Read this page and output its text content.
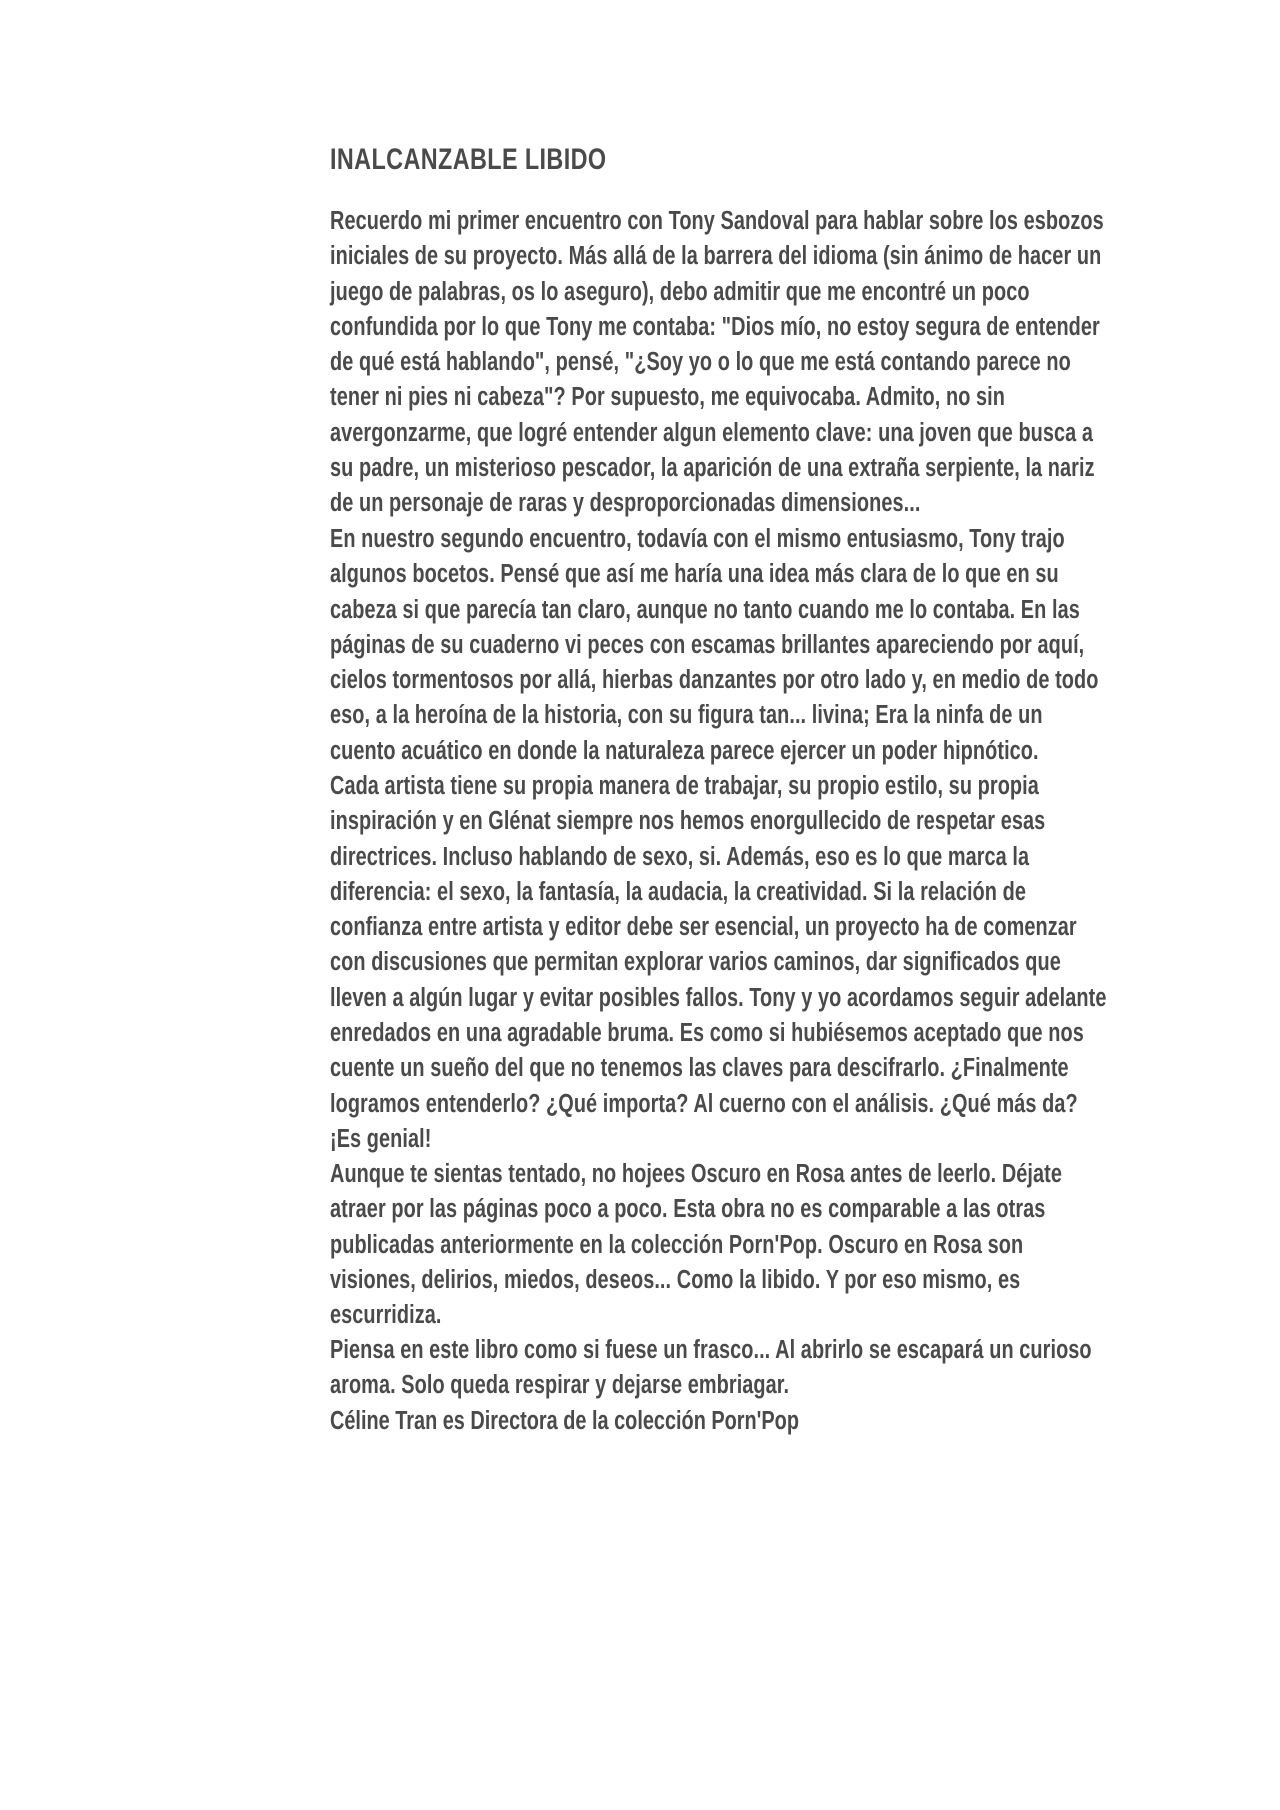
INALCANZABLE LIBIDO

Recuerdo mi primer encuentro con Tony Sandoval para hablar sobre los esbozos iniciales de su proyecto. Más allá de la barrera del idioma (sin ánimo de hacer un juego de palabras, os lo aseguro), debo admitir que me encontré un poco confundida por lo que Tony me contaba: "Dios mío, no estoy segura de entender de qué está hablando", pensé, "¿Soy yo o lo que me está contando parece no tener ni pies ni cabeza"? Por supuesto, me equivocaba. Admito, no sin avergonzarme, que logré entender algun elemento clave: una joven que busca a su padre, un misterioso pescador, la aparición de una extraña serpiente, la nariz de un personaje de raras y desproporcionadas dimensiones...

En nuestro segundo encuentro, todavía con el mismo entusiasmo, Tony trajo algunos bocetos. Pensé que así me haría una idea más clara de lo que en su cabeza si que parecía tan claro, aunque no tanto cuando me lo contaba. En las páginas de su cuaderno vi peces con escamas brillantes apareciendo por aquí, cielos tormentosos por allá, hierbas danzantes por otro lado y, en medio de todo eso, a la heroína de la historia, con su figura tan... livina; Era la ninfa de un cuento acuático en donde la naturaleza parece ejercer un poder hipnótico.

Cada artista tiene su propia manera de trabajar, su propio estilo, su propia inspiración y en Glénat siempre nos hemos enorgullecido de respetar esas directrices. Incluso hablando de sexo, si. Además, eso es lo que marca la diferencia: el sexo, la fantasía, la audacia, la creatividad. Si la relación de confianza entre artista y editor debe ser esencial, un proyecto ha de comenzar con discusiones que permitan explorar varios caminos, dar significados que lleven a algún lugar y evitar posibles fallos. Tony y yo acordamos seguir adelante enredados en una agradable bruma. Es como si hubiésemos aceptado que nos cuente un sueño del que no tenemos las claves para descifrarlo. ¿Finalmente logramos entenderlo? ¿Qué importa? Al cuerno con el análisis. ¿Qué más da? ¡Es genial!

Aunque te sientas tentado, no hojees Oscuro en Rosa antes de leerlo. Déjate atraer por las páginas poco a poco. Esta obra no es comparable a las otras publicadas anteriormente en la colección Porn'Pop. Oscuro en Rosa son visiones, delirios, miedos, deseos... Como la libido. Y por eso mismo, es escurridiza.

Piensa en este libro como si fuese un frasco... Al abrirlo se escapará un curioso aroma. Solo queda respirar y dejarse embriagar.

Céline Tran es Directora de la colección Porn'Pop
